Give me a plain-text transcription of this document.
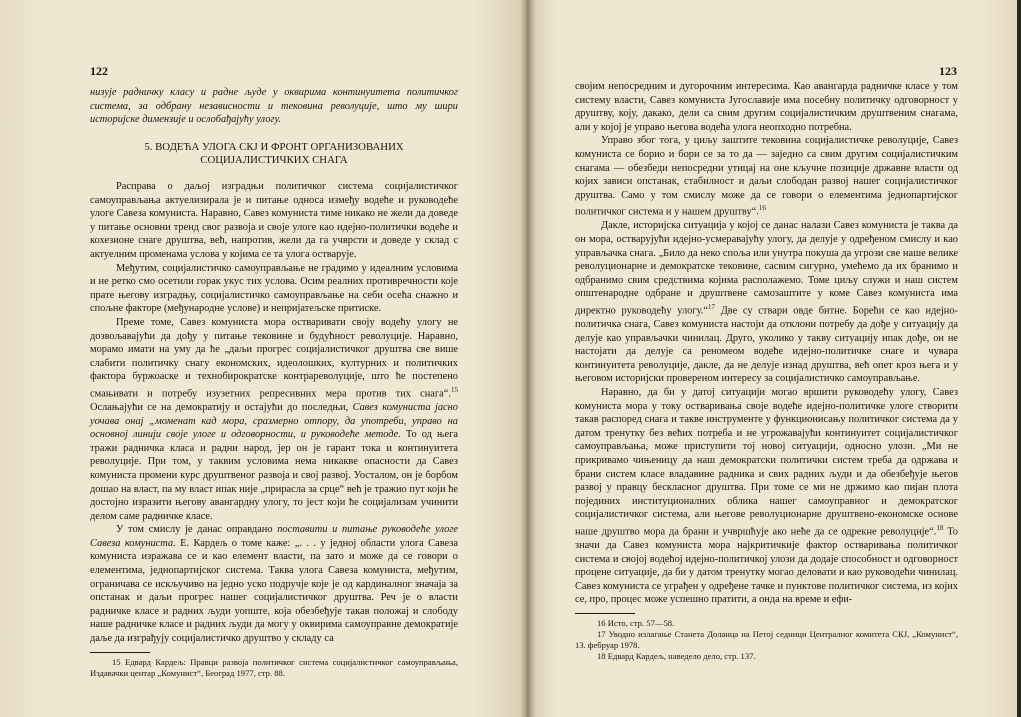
122

низује радничку класу и радне људе у оквирима континуитета политичког система, за одбрану независности и тековина револуције, што му шири историјске димензије и ослобађајућу улогу.

5. ВОДЕЋА УЛОГА СКЈ И ФРОНТ ОРГАНИЗОВАНИХ
СОЦИЈАЛИСТИЧКИХ СНАГА

Расправа о даљој изградњи политичког система социјалистичког самоуправљања актуелизирала је и питање односа између водеће и руководеће улоге Савеза комуниста. Наравно, Савез комуниста тиме никако не жели да доведе у питање основни тренд свог развоја и своје улоге као идејно-политички водеће и кохезионе снаге друштва, већ, напротив, жели да га учврсти и доведе у склад с актуелним променама услова у којима се та улога остварује.

Међутим, социјалистичко самоуправљање не градимо у идеалним условима и не ретко смо осетили горак укус тих услова. Осим реалних противречности које прате његову изградњу, социјалистичко самоуправљање на себи осећа снажно и спољне факторе (међународне услове) и непријатељске притиске.

Преме томе, Савез комуниста мора остваривати своју водећу улогу не дозвољавајући да дођу у питање тековине и будућност револуције. Наравно, морамо имати на уму да ће „даљи прогрес социјалистичког друштва све више слабити политичку снагу економских, идеолошких, културних и политичких фактора буржоаске и технобирократске контрареволуције, што ће постепено смањивати и потребу изузетних репресивних мера против тих снага“.$^{15}$ Ослањајући се на демократију и остајући до последњи, Савез комуниста јасно уочава онај „моменат кад мора, сразмерно отпору, да употреби, управо на основној линији своје улоге и одговорности, и руководеће методе. То од њега тражи радничка класа и радни народ, јер он је гарант тока и континуитета револуције. При том, у таквим условима нема никакве опасности да Савез комуниста промени курс друштвеног развоја и свој развој. Уосталом, он је борбом дошао на власт, па му власт ипак није „прирасла за срце“ већ је тражио пут који ће достојно изразити његову авангардну улогу, то јест који ће социјализам учинити делом саме радничке класе.

У том смислу је данас оправдано поставити и питање руководеће улоге Савеза комуниста. Е. Кардељ о томе каже: „. . . у једној области улога Савеза комуниста изражава се и као елемент власти, па зато и може да се говори о елементима, једнопартијског система. Таква улога Савеза комуниста, међутим, ограничава се искључиво на једно уско подручје које је од кардиналног значаја за опстанак и даљи прогрес нашег социјалистичког друштва. Реч је о власти радничке класе и радних људи уопште, која обезбеђује такав положај и слободу наше радничке класе и радних људи да могу у оквирима самоуправне демократије даље да изграђују социјалистичко друштво у складу са

15 Едвард Кардељ: Правци развоја политичког система социјалистичког самоуправљања, Издавачки центар „Комунист“, Београд 1977, стр. 88.

123

својим непосредним и дугорочним интересима. Као авангарда радничке класе у том систему власти, Савез комуниста Југославије има посебну политичку одговорност у друштву, коју, дакако, дели са свим другим социјалистичким друштвеним снагама, али у којој је управо његова водећа улога неопходно потребна.

Управо због тога, у циљу заштите тековина социјалистичке револуције, Савез комуниста се борио и бори се за то да — заједно са свим другим социјалистичким снагама — обезбеди непосредни утицај на оне кључне позиције државне власти од којих зависи опстанак, стабилност и даљи слободан развој нашег социјалистичког друштва. Само у том смислу може да се говори о елементима једнопартијског политичког система и у нашем друштву“.$^{16}$

Дакле, историјска ситуација у којој се данас налази Савез комуниста је таква да он мора, остварујући идејно-усмеравајућу улогу, да делује у одређеном смислу и као управљачка снага. „Било да нeко споља или унутра покуша да угрози све наше велике револуционарне и демократске тековине, сасвим сигурно, умећемо да их бранимо и одбранимо свим средствима којима располажемо. Томе циљу служи и наш систем општенародне одбране и друштвене самозаштите у коме Савез комуниста има директно руководећу улогу.“$^{17}$ Две су ствари овде битне. Борећи се као идејно-политичка снага, Савез комуниста настоји да отклони потребу да дође у ситуацију да делује као управљачки чинилац. Друго, уколико у такву ситуацију ипак дође, он не настојати да делује са реномеом водеће идејно-политичке снаге и чувара континуитета револуције, дакле, да не делује изнад друштва, већ опет кроз њега и у његовом историјски провереном интересу за социјалистичко самоуправљање.

Наравно, да би у датој ситуацији могао вршити руководећу улогу, Савез комуниста мора у току остваривања своје водеће идејно-политичке улоге створити такав распоред снага и такве инструменте у функционисању политичког система да у датом тренутку без већих потреба и не угрожавајући континуитет социјалистичког самоуправљања, може приступити тој новој ситуацији, односно улози. „Ми не прикривамо чињеницу да наш демократски политички систем треба да одржава и брани систем класе владавине радника и свих радних људи и да обезбеђује његов развој у правцу бескласног друштва. При томе се ми не држимо као пијан плота појединих институционалних облика нашег самоуправног и демократског социјалистичког система, али његове револуционарне друштвено-економске основе наше друштво мора да брани и учвршћује ако неће да се одрекне револуције“.$^{18}$ То значи да Савез комуниста мора најкритичкије фактор остваривања политичког система и својој водећој идејно-политичкој улози да додаје способност и одговорност процене ситуације, да би у датом тренутку могао деловати и као руководећи чинилац. Савез комуниста се уграђен у одређене тачке и пунктове политичког система, из којих се, про, процес може успешно пратити, а онда на време и ефи-

16 Исто, стр. 57—58.

17 Уводно излагање Станета Доланца на Петој седници Централног комитета СКЈ, „Комунист“, 13. фебруар 1978.

18 Едвард Кардељ, наведело дело, стр. 137.
